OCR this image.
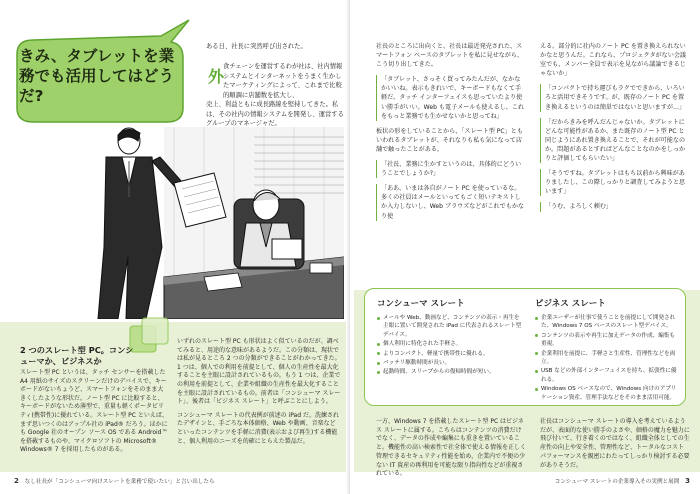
きみ、タブレットを業務でも活用してはどうだ?

ある日、社長に突然呼び出された。

外
食チェーンを運営するわが社は、社内情報システムとインターネットをうまく生かしたマーケティングによって、これまで比較的順調に店舗数を拡大し、
売上、利益ともに成長路線を堅持してきた。私は、その社内の情報システムを開発し、運営するグループのマネージャだ。
2 つのスレート型 PC。コンシューマか、ビジネスか
スレート型 PC というは、タッチ センサーを搭載した A4 用紙のサイズのスクリーンだけのデバイスで、キーボードがないちょうど、スマートフォンをそのまま大きくしたような形状だ。ノート型 PC に比較すると、キーボードがないため薄型で、重量も軽くポータビリティ(携帯性)に優れている。スレート型 PC といえば、まず思いつくのはアップル社の iPad® だろう。ほかにも Google 社のオープン ソース OS である Android™ を搭載するものや、マイクロソフトの Microsoft® Windows® 7 を採用したものがある。

いずれのスレート型 PC も形状はよく似ているのだが、調べてみると、用途的な意味があるようだ。この分類は、現状では私が見るところ 2 つの分類ができることがわかってきた。1 つは、個人での利用を前提として、個人の生産性を最大化することを主眼に設計されているもの。もう 1 つは、企業での利用を前提として、企業や組織の生産性を最大化することを主眼に設計されているもの。前者は「コンシューマ スレート」、後者は「ビジネス スレート」と呼ぶことにしよう。

コンシューマ スレートの代表例が前述の iPad だ。洗練されたデザインと、手ごろな本体価格、Web や動画、音楽などといったコンテンツを手軽に消費(表示および再生)する機能と、個人利用のニーズを的確にとらえた製品だ。

2 なし社長が「コンシューマ向けスレートを業務で使いたい」と言い出したら

社長のところに出向くと、社長は最近発売された、スマートフォン ベースのタブレットを私に見せながら、こう切り出してきた。

「タブレット、さっそく買ってみたんだが、なかなかいいね。表示もきれいで、キーボードもなくて手軽だ。タッチ インターフェイスも思っていたより使い勝手がいい。Web も電子メールも使えるし、これをもっと業務でも生かせないかと思ってね」

板状の形をしていることから、「スレート型 PC」ともいわれるタブレットが、それなりも私も気になって店舗で触ったことがある。

「社長、業務に生かすというのは、具体的にどういうことでしょうか?」

「ああ、いまは各自がノート PC を使っているな。多くの社員はメールといってもごく短いテキストしか入力しないし、Web ブラウズなどがこれでもかなり使

える。部分的に社内のノート PC を置き換えられないかなと思うんだ。これなら、プロジェクタがない会議室でも、メンバー全員で表示を見ながら議論できるじゃないか」

「コンパクトで持ち運びもラクでできから、いろいろと活用できそうです。が、既存のノート PC を置き換えるというのは簡単ではないと思いますが…」

「だからきみを呼んだんじゃないか。タブレットにどんな可能性があるか、また既存のノート型 PC と同じようにあれ置き換えることで、それが可能なのか。問題があるとすればどんなことなのかをしっかりと評価してもらいたい」

「そうですね。タブレットはもち以前から興味がありましたし、この際しっかりと調査してみようと思います」

「うむ、よろしく頼む」

コンシューマ スレート
メールや Web、動画など、コンテンツの表示・再生を主眼に置いて開発された iPad に代表されるスレート型デバイス。
個人利用に特化された手軽さ。
よりコンパクト、軽量で携帯性に優れる。
バッテリ駆動時間が長い。
起動時間、スリープからの復帰時間が短い。
ビジネス スレート
企業ユーザーが仕事で使うことを前提にして開発された、Windows 7 OS ベースのスレート型デバイス。
コンテンツの表示や再生に加えデータの作成、編集も重視。
企業利用を前提に、手軽さと生産性、管理性などを両立。
USB などの外部インターフェイスを持ち、拡張性に優れる。
Windows OS ベースなので、Windows 向けのアプリケーション資産、管理手法などをそのまま活用可能。
一方、Windows 7 を搭載したスレート型 PC はビジネス スレートに属する。こちらはコンテンツの消費だけでなく、データの作成や編集にも重きを置いていること。機能性の高い検索性で社全体で使える情報を正しく管理できるセキュリティ性能を始め、企業内で不便の少ない IT 資産の再利用を可能な限り指向性などが重視されている。
社長はコンシューマ スレートの導入を考えているようだが、表面的な使い勝手のよさや、価格の魔力を魅力に飛び付いて、行き着くのではなく、組織全体としての生産性の向上や安全性、管理性など、トータルなコスト パフォーマンスを親密にわたってしっかり検討する必要がありそうだ。
コンシューマ スレートの企業導入その実例と展開 3
